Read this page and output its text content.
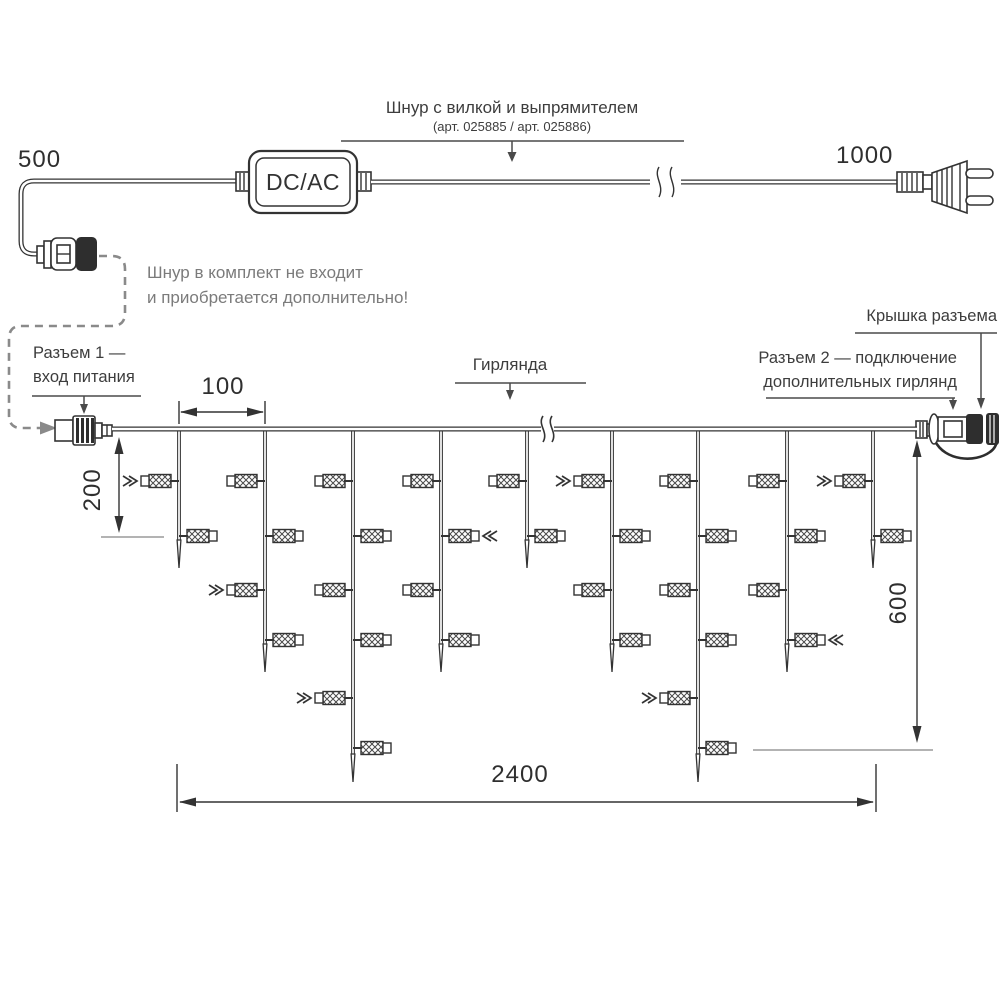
500	1000
DC/AC
Шнур с вилкой и выпрямителем
(арт. 025885 / арт. 025886)
Шнур в комплект не входит
и приобретается дополнительно!
Разъем 1 —
вход питания	100
Гирлянда	Разъем 2 — подключение
дополнительных гирлянд
Крышка разъема
200
600
2400
